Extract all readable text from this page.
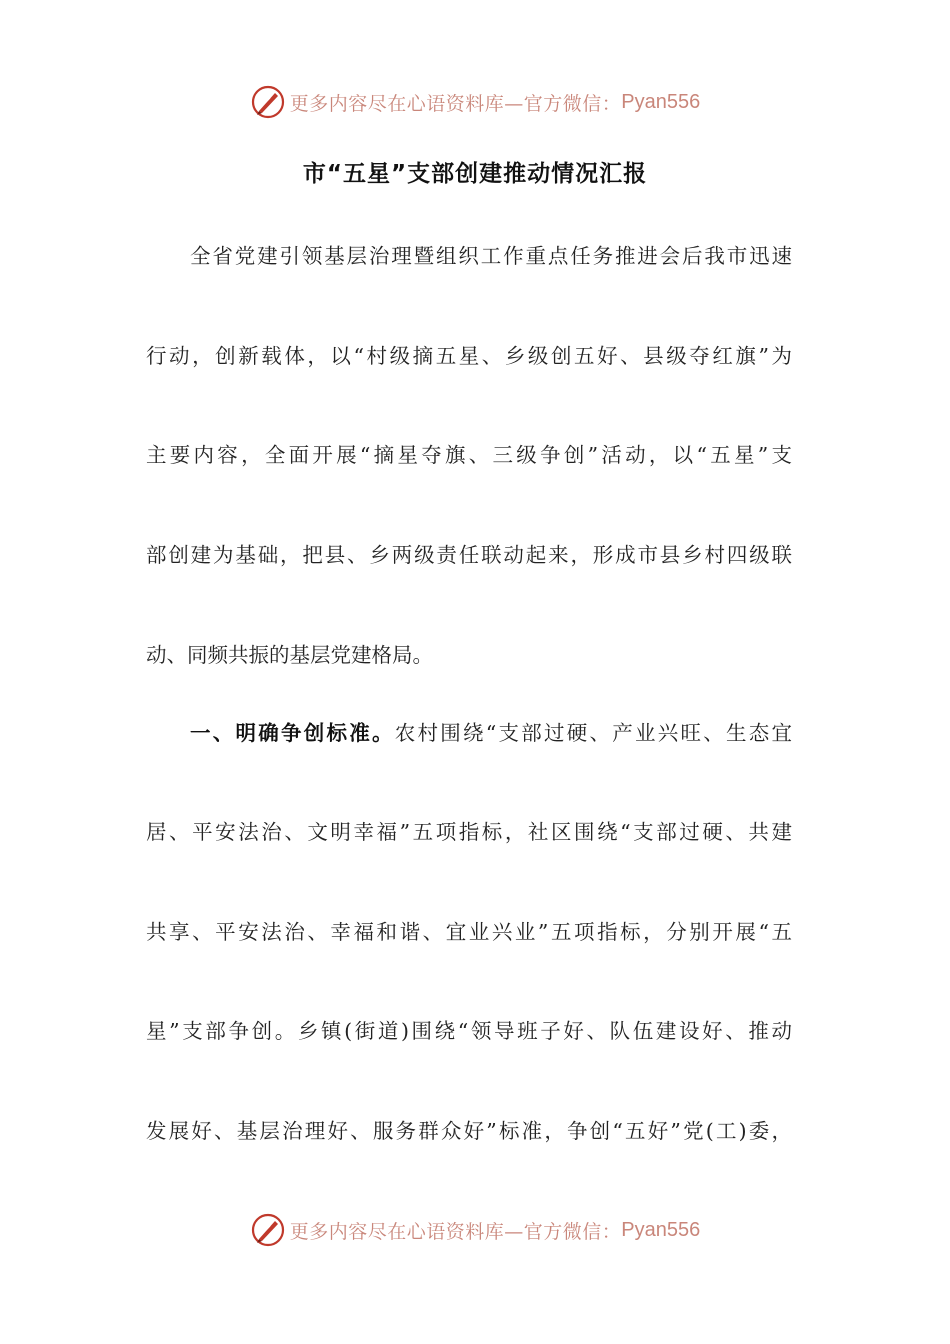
更多内容尽在心语资料库—官方微信： Pyan556
市“五星”支部创建推动情况汇报
全省党建引领基层治理暨组织工作重点任务推进会后我市迅速
行动，创新载体，以“村级摘五星、乡级创五好、县级夺红旗”为
主要内容，全面开展“摘星夺旗、三级争创”活动，以“五星”支
部创建为基础，把县、乡两级责任联动起来，形成市县乡村四级联
动、同频共振的基层党建格局。
一、明确争创标准。农村围绕“支部过硬、产业兴旺、生态宜
居、平安法治、文明幸福”五项指标，社区围绕“支部过硬、共建
共享、平安法治、幸福和谐、宜业兴业”五项指标，分别开展“五
星”支部争创。乡镇(街道)围绕“领导班子好、队伍建设好、推动
发展好、基层治理好、服务群众好”标准，争创“五好”党(工)委，
更多内容尽在心语资料库—官方微信： Pyan556
